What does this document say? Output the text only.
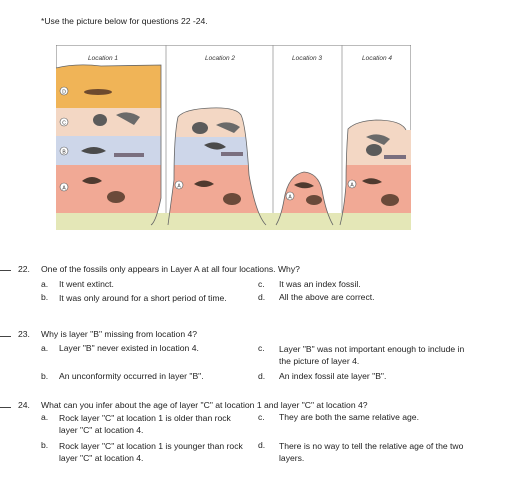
*Use the picture below for questions 22 -24.
Location 1	Location 2	Location 3	Location 4
D
C
B
A	A
A
A
22. One of the fossils only appears in Layer A at all four locations. Why?
a. It went extinct.	c. It was an index fossil.
b. It was only around for a short period of time.	d. All the above are correct.
23. Why is layer "B" missing from location 4?
a. Layer "B" never existed in location 4.	c. Layer "B" was not important enough to include in the picture of layer 4.
b. An unconformity occurred in layer "B".	d. An index fossil ate layer "B".
24. What can you infer about the age of layer "C" at location 1 and layer "C" at location 4?
a. Rock layer "C" at location 1 is older than rock layer "C" at location 4.
c. They are both the same relative age.
b. Rock layer "C" at location 1 is younger than rock layer "C" at location 4.
d. There is no way to tell the relative age of the two layers.
